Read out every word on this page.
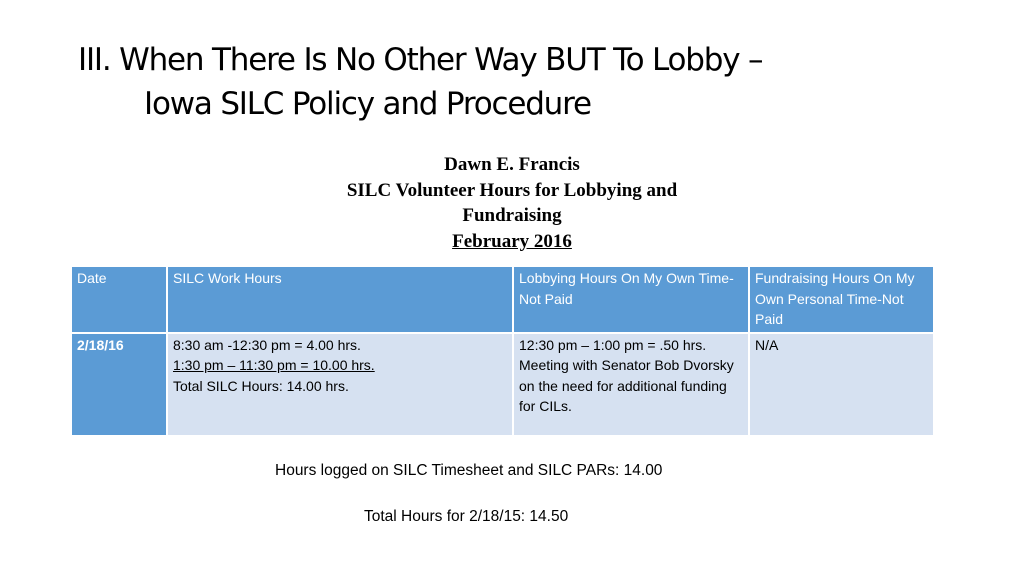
III. When There Is No Other Way BUT To Lobby –
Iowa SILC Policy and Procedure
Dawn E. Francis
SILC Volunteer Hours for Lobbying and
Fundraising
February 2016
Date	SILC Work Hours	Lobbying Hours On My Own Time-Not Paid	Fundraising Hours On My Own Personal Time-Not Paid
2/18/16	8:30 am -12:30 pm = 4.00 hrs.
1:30 pm – 11:30 pm = 10.00 hrs.
Total SILC Hours: 14.00 hrs.	12:30 pm – 1:00 pm = .50 hrs. Meeting with Senator Bob Dvorsky on the need for additional funding for CILs.	N/A
Hours logged on SILC Timesheet and SILC PARs: 14.00
Total Hours for 2/18/15: 14.50
